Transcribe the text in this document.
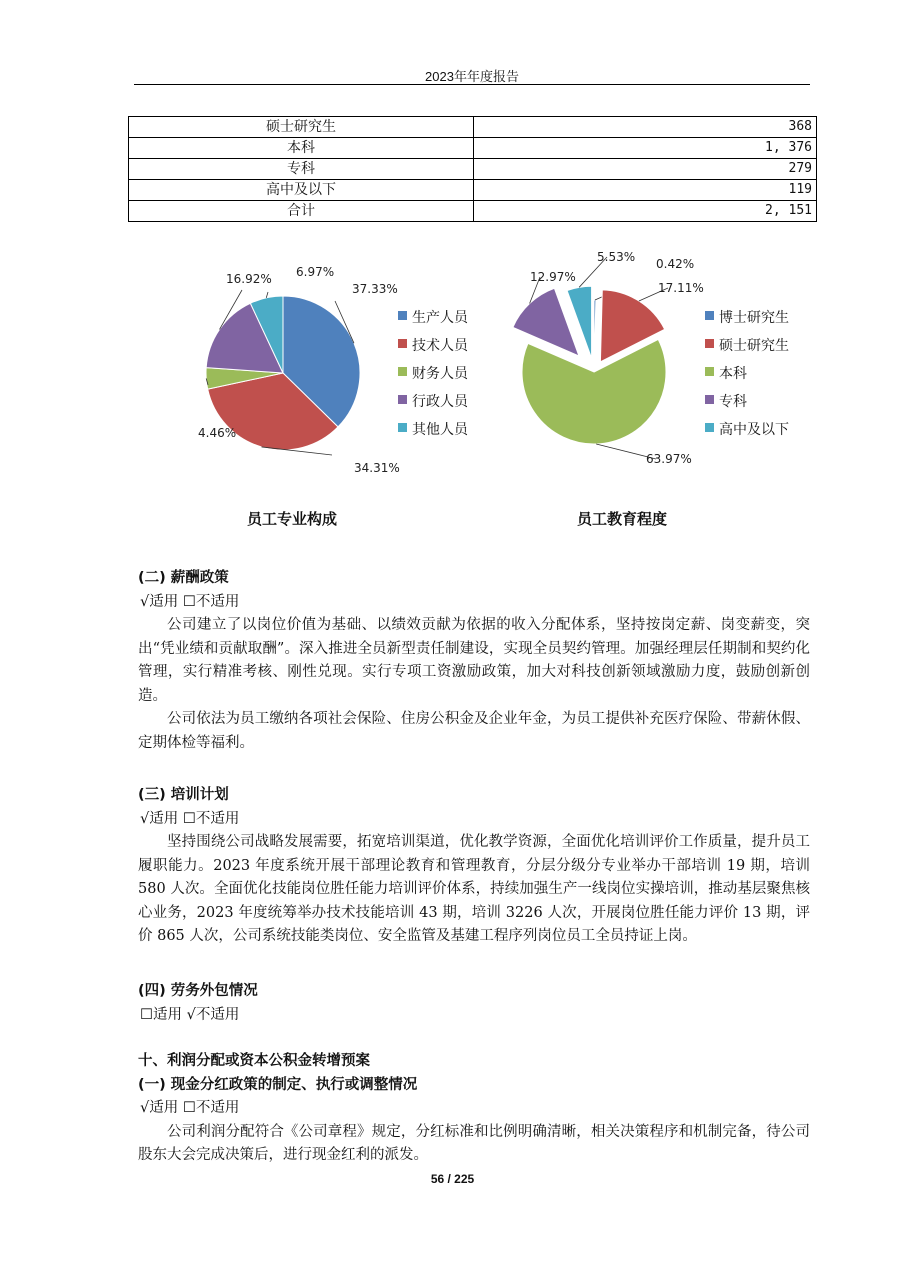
2023年年度报告
硕士研究生	368
本科	1, 376
专科	279
高中及以下	119
合计	2, 151
37.33%
34.31%
4.46%
16.92% 6.97%
生产人员
技术人员
财务人员
行政人员
其他人员
员工专业构成
0.42%
17.11%
63.97%
12.97%
5.53%
博士研究生
硕士研究生
本科
专科
高中及以下
员工教育程度
(二) 薪酬政策
√适用 ☐不适用
公司建立了以岗位价值为基础、以绩效贡献为依据的收入分配体系，坚持按岗定薪、岗变薪变，突出“凭业绩和贡献取酬”。深入推进全员新型责任制建设，实现全员契约管理。加强经理层任期制和契约化管理，实行精准考核、刚性兑现。实行专项工资激励政策，加大对科技创新领域激励力度，鼓励创新创造。
公司依法为员工缴纳各项社会保险、住房公积金及企业年金，为员工提供补充医疗保险、带薪休假、定期体检等福利。
(三) 培训计划
√适用 ☐不适用
坚持围绕公司战略发展需要，拓宽培训渠道，优化教学资源，全面优化培训评价工作质量，提升员工履职能力。2023 年度系统开展干部理论教育和管理教育，分层分级分专业举办干部培训 19 期，培训 580 人次。全面优化技能岗位胜任能力培训评价体系，持续加强生产一线岗位实操培训，推动基层聚焦核心业务，2023 年度统筹举办技术技能培训 43 期，培训 3226 人次，开展岗位胜任能力评价 13 期，评价 865 人次，公司系统技能类岗位、安全监管及基建工程序列岗位员工全员持证上岗。
(四) 劳务外包情况
☐适用 √不适用
十、利润分配或资本公积金转增预案
(一) 现金分红政策的制定、执行或调整情况
√适用 ☐不适用
公司利润分配符合《公司章程》规定，分红标准和比例明确清晰，相关决策程序和机制完备，待公司股东大会完成决策后，进行现金红利的派发。
56 / 225
